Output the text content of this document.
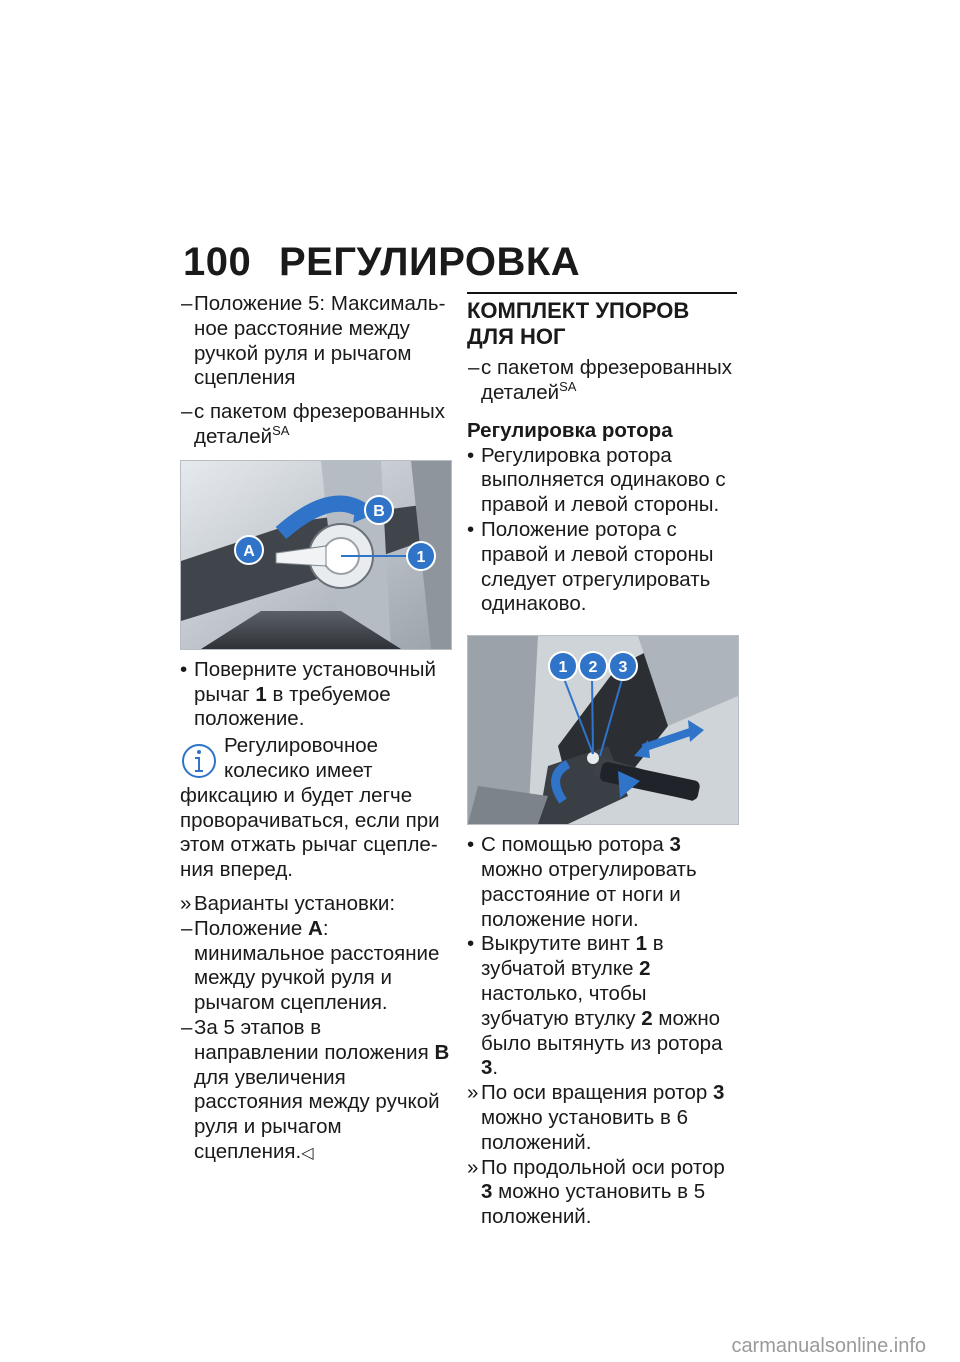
100 РЕГУЛИРОВКА

– Положение 5: Максимальное расстояние между ручкой руля и рычагом сцепления

– с пакетом фрезерованных деталей$^{SA}$

A
B
1

• Поверните установочный рычаг 1 в требуемое положение.

Регулировочное колесико имеет фиксацию и будет легче проворачиваться, если при этом отжать рычаг сцепления вперед.

» Варианты установки:

– Положение A: минимальное расстояние между ручкой руля и рычагом сцепления.

– За 5 этапов в направлении положения B для увеличения расстояния между ручкой руля и рычагом сцепления.◁

КОМПЛЕКТ УПОРОВ ДЛЯ НОГ

– с пакетом фрезерованных деталей$^{SA}$

Регулировка ротора

• Регулировка ротора выполняется одинаково с правой и левой стороны.

• Положение ротора с правой и левой стороны следует отрегулировать одинаково.

1 2 3

• С помощью ротора 3 можно отрегулировать расстояние от ноги и положение ноги.

• Выкрутите винт 1 в зубчатой втулке 2 настолько, чтобы зубчатую втулку 2 можно было вытянуть из ротора 3.

» По оси вращения ротор 3 можно установить в 6 положений.

» По продольной оси ротор 3 можно установить в 5 положений.

carmanualsonline.info
